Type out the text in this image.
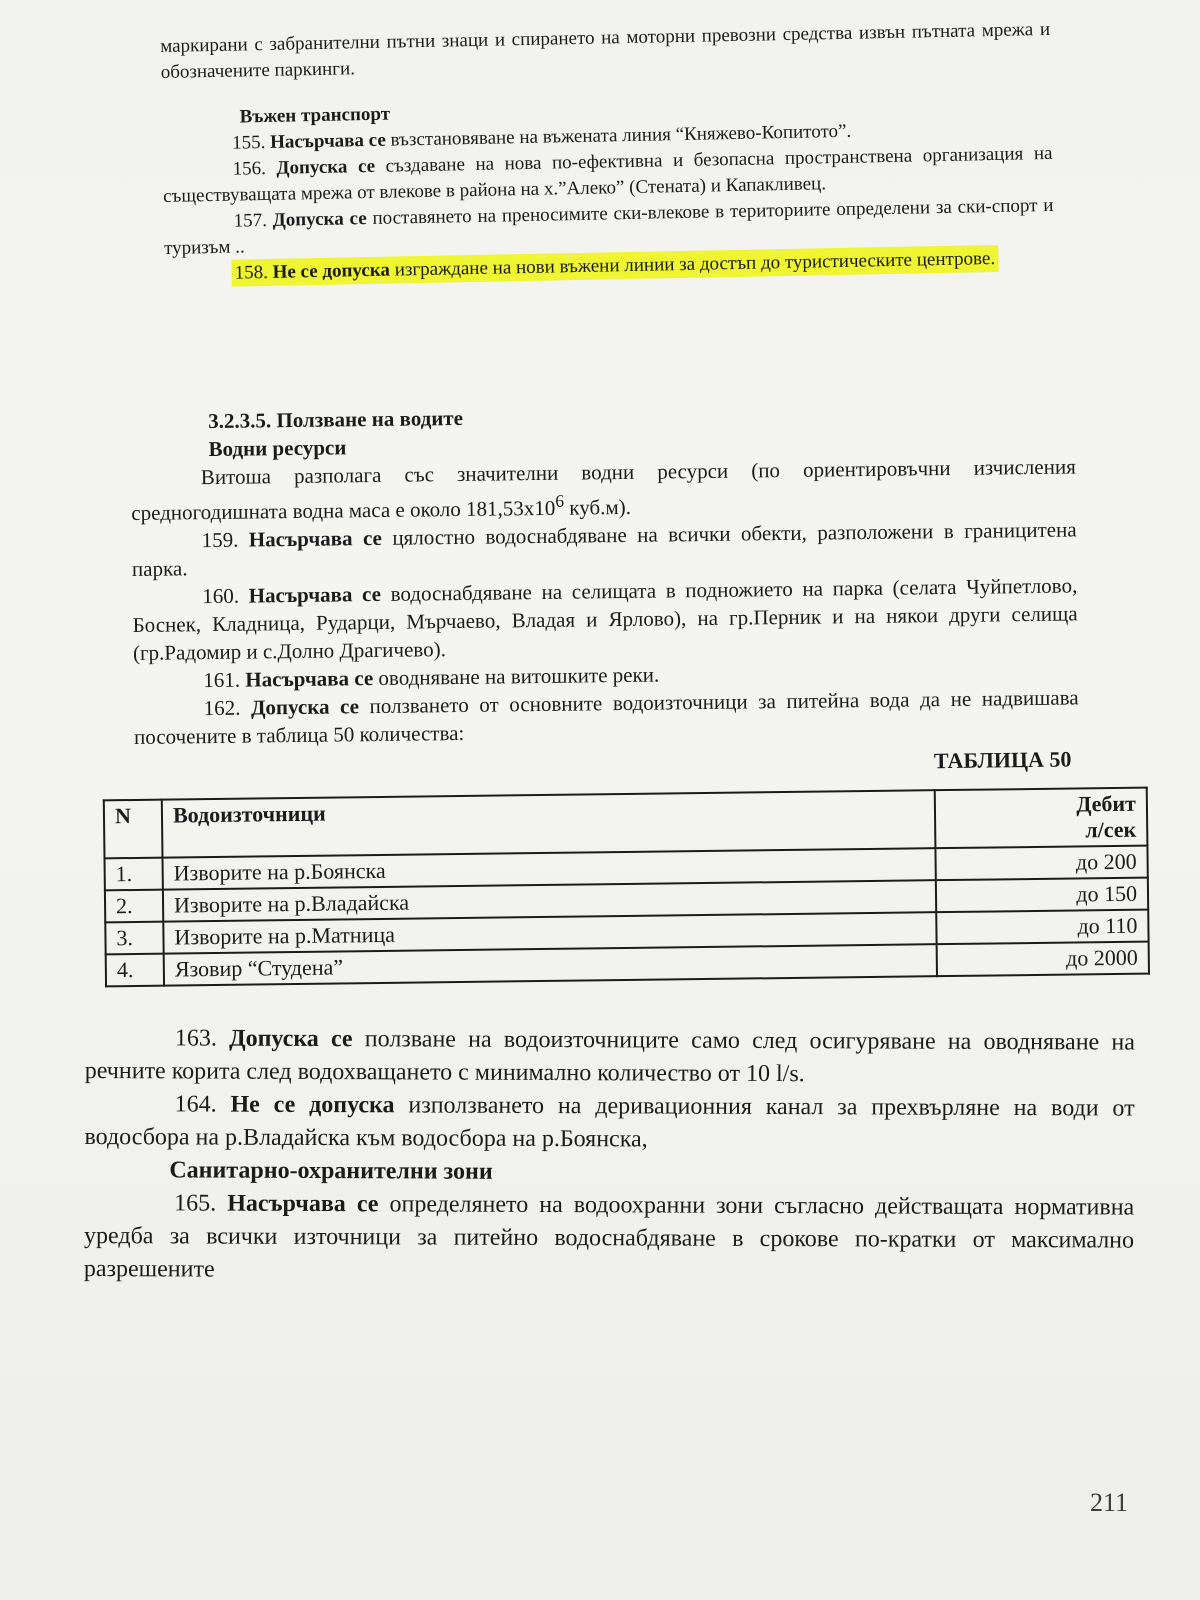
маркирани с забранителни пътни знаци и спирането на моторни превозни средства извън пътната мрежа и обозначените паркинги.

Въжен транспорт

155. Насърчава се възстановяване на въжената линия “Княжево-Копитото”.

156. Допуска се създаване на нова по-ефективна и безопасна пространствена организация на съществуващата мрежа от влекове в района на х.”Алеко” (Стената) и Капакливец.

157. Допуска се поставянето на преносимите ски-влекове в териториите определени за ски-спорт и туризъм ..

158. Не се допуска изграждане на нови въжени линии за достъп до туристическите центрове.

3.2.3.5. Ползване на водите
Водни ресурси

Витоша разполага със значителни водни ресурси (по ориентировъчни изчисления средногодишната водна маса е около $181,53х10^6$ куб.м).

159. Насърчава се цялостно водоснабдяване на всички обекти, разположени в границитена парка.

160. Насърчава се водоснабдяване на селищата в подножието на парка (селата Чуйпетлово, Боснек, Кладница, Рударци, Мърчаево, Владая и Ярлово), на гр.Перник и на някои други селища (гр.Радомир и с.Долно Драгичево).

161. Насърчава се оводняване на витошките реки.

162. Допуска се ползването от основните водоизточници за питейна вода да не надвишава посочените в таблица 50 количества:

ТАБЛИЦА 50
N	Водоизточници	Дебит
л/сек

1.	Изворите на р.Боянска	до 200
2.	Изворите на р.Владайска	до 150
3.	Изворите на р.Матница	до 110
4.	Язовир “Студена”	до 2000

163. Допуска се ползване на водоизточниците само след осигуряване на оводняване на речните корита след водохващането с минимално количество от 10 l/s.

164. Не се допуска използването на деривационния канал за прехвърляне на води от водосбора на р.Владайска към водосбора на р.Боянска,

Санитарно-охранителни зони

165. Насърчава се определянето на водоохранни зони съгласно действащата нормативна уредба за всички източници за питейно водоснабдяване в срокове по-кратки от максимално разрешените

211
